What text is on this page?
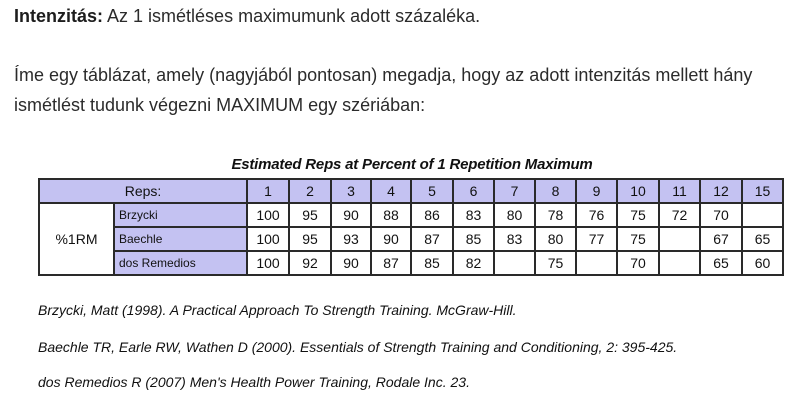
Intenzitás: Az 1 ismétléses maximumunk adott százaléka.
Íme egy táblázat, amely (nagyjából pontosan) megadja, hogy az adott intenzitás mellett hány ismétlést tudunk végezni MAXIMUM egy szériában:
Estimated Reps at Percent of 1 Repetition Maximum
Reps:		1	2	3	4	5	6	7	8	9	10	11	12	15
%1RM	Brzycki	100	95	90	88	86	83	80	78	76	75	72	70	
	Baechle	100	95	93	90	87	85	83	80	77	75		67	65
	dos Remedios	100	92	90	87	85	82		75		70		65	60
Brzycki, Matt (1998). A Practical Approach To Strength Training. McGraw-Hill.
Baechle TR, Earle RW, Wathen D (2000). Essentials of Strength Training and Conditioning, 2: 395-425.
dos Remedios R (2007) Men's Health Power Training, Rodale Inc. 23.
